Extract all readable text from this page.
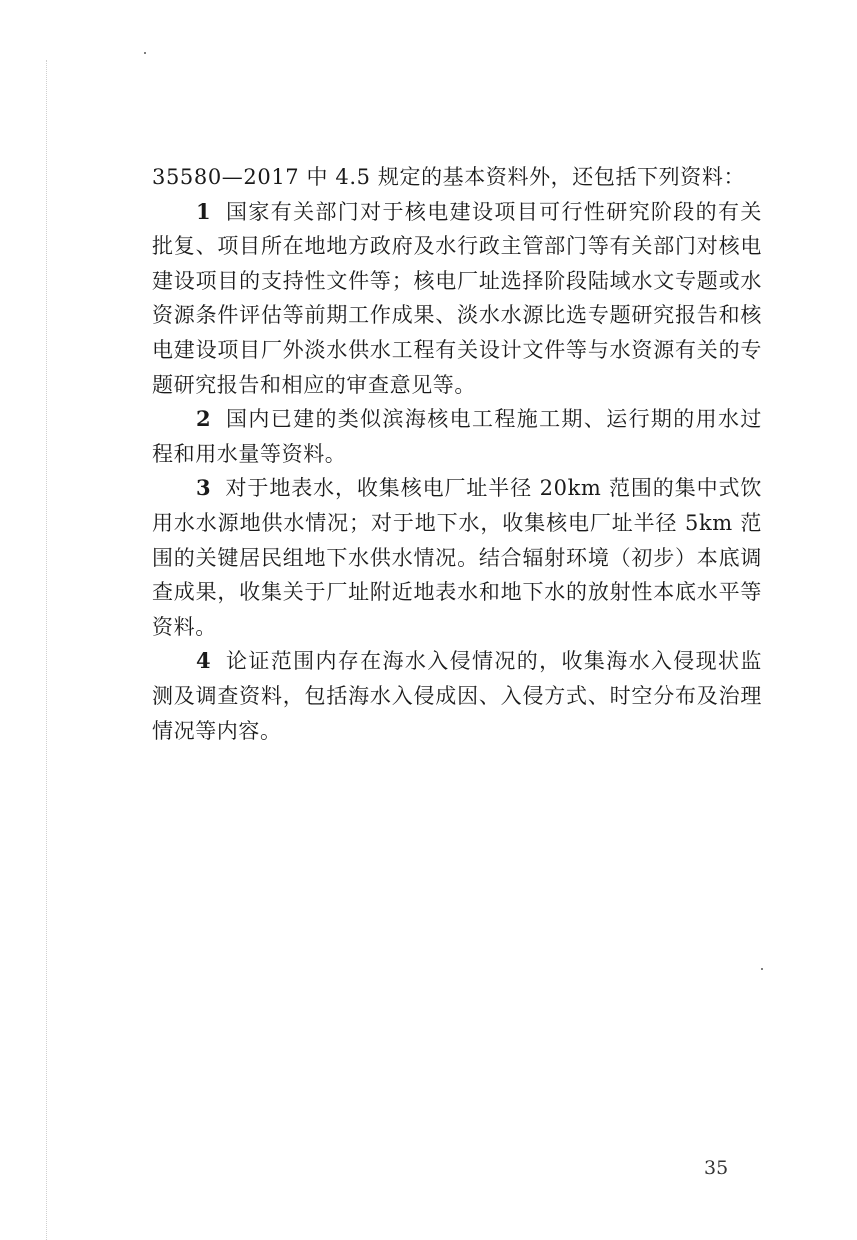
35580—2017 中 4.5 规定的基本资料外，还包括下列资料：

1 国家有关部门对于核电建设项目可行性研究阶段的有关批复、项目所在地地方政府及水行政主管部门等有关部门对核电建设项目的支持性文件等；核电厂址选择阶段陆域水文专题或水资源条件评估等前期工作成果、淡水水源比选专题研究报告和核电建设项目厂外淡水供水工程有关设计文件等与水资源有关的专题研究报告和相应的审查意见等。

2 国内已建的类似滨海核电工程施工期、运行期的用水过程和用水量等资料。

3 对于地表水，收集核电厂址半径 20km 范围的集中式饮用水水源地供水情况；对于地下水，收集核电厂址半径 5km 范围的关键居民组地下水供水情况。结合辐射环境（初步）本底调查成果，收集关于厂址附近地表水和地下水的放射性本底水平等资料。

4 论证范围内存在海水入侵情况的，收集海水入侵现状监测及调查资料，包括海水入侵成因、入侵方式、时空分布及治理情况等内容。

35
